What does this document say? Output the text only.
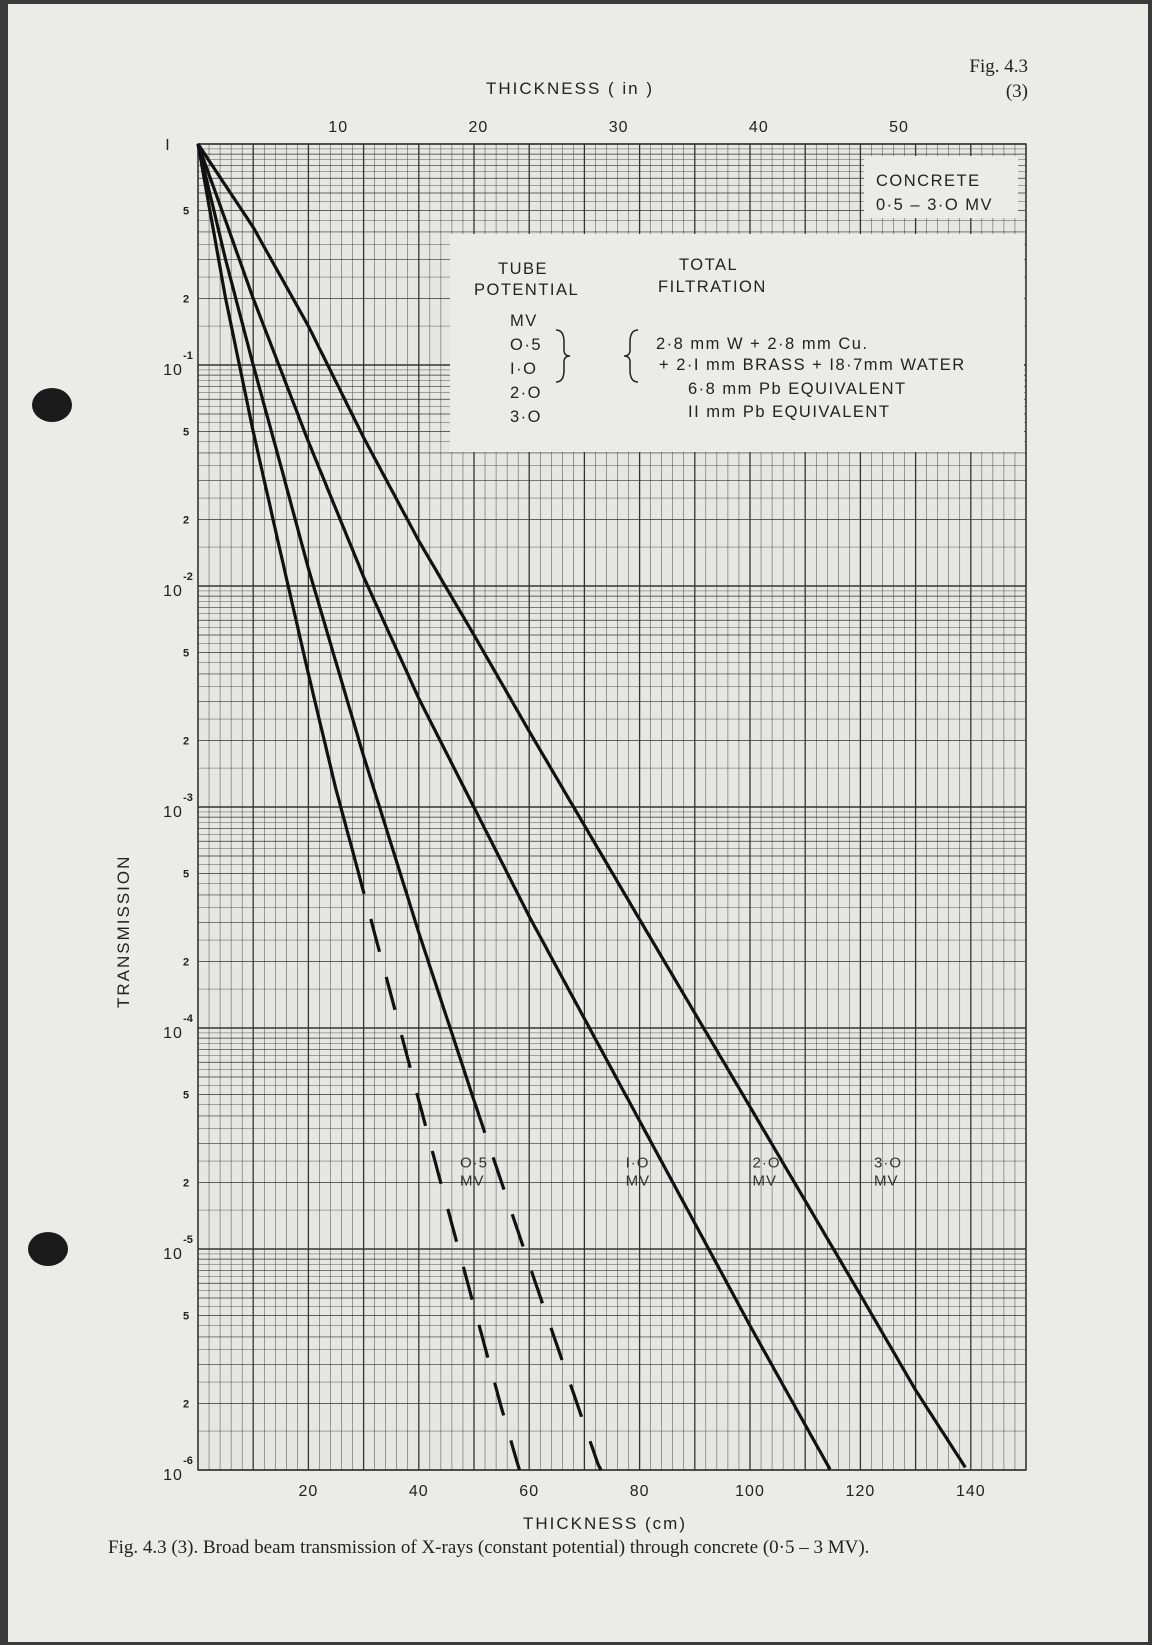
Fig. 4.3
(3)
CONCRETE
0·5 – 3·O MV
TUBE
POTENTIAL
TOTAL
FILTRATION
MV
O·5
I·O
2·O
3·O
2·8 mm W + 2·8 mm Cu.
+ 2·I mm BRASS + I8·7mm WATER
6·8 mm Pb EQUIVALENT
II mm Pb EQUIVALENT
O·5
MV
I·O
MV
2·O
MV
3·O
MV
20	40	60	80	100	120	140
10	20	30	40	50
I
10
-1
10
-2
10
-3
10
-4
10
-5
10
-6
5
2
5
2
5
2
5
2
5
2
5
2
THICKNESS ( in )
THICKNESS (cm)
TRANSMISSION
Fig. 4.3 (3). Broad beam transmission of X-rays (constant potential) through concrete (0·5 – 3 MV).
